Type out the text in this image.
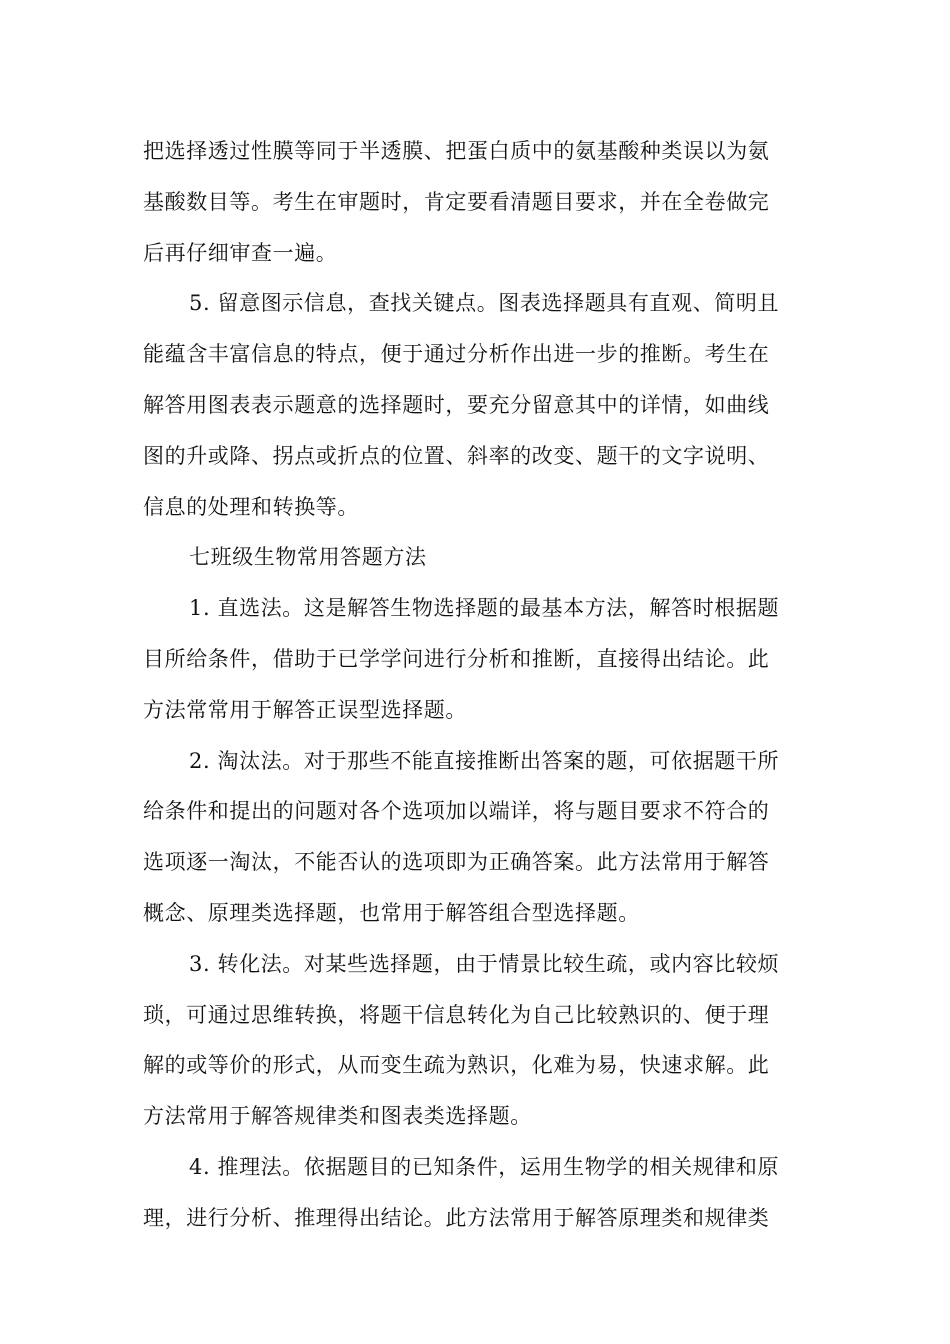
把选择透过性膜等同于半透膜、把蛋白质中的氨基酸种类误以为氨
基酸数目等。考生在审题时，肯定要看清题目要求，并在全卷做完
后再仔细审查一遍。
5. 留意图示信息，查找关键点。图表选择题具有直观、简明且
能蕴含丰富信息的特点，便于通过分析作出进一步的推断。考生在
解答用图表表示题意的选择题时，要充分留意其中的详情，如曲线
图的升或降、拐点或折点的位置、斜率的改变、题干的文字说明、
信息的处理和转换等。
七班级生物常用答题方法
1. 直选法。这是解答生物选择题的最基本方法，解答时根据题
目所给条件，借助于已学学问进行分析和推断，直接得出结论。此
方法常常用于解答正误型选择题。
2. 淘汰法。对于那些不能直接推断出答案的题，可依据题干所
给条件和提出的问题对各个选项加以端详，将与题目要求不符合的
选项逐一淘汰，不能否认的选项即为正确答案。此方法常用于解答
概念、原理类选择题，也常用于解答组合型选择题。
3. 转化法。对某些选择题，由于情景比较生疏，或内容比较烦
琐，可通过思维转换，将题干信息转化为自己比较熟识的、便于理
解的或等价的形式，从而变生疏为熟识，化难为易，快速求解。此
方法常用于解答规律类和图表类选择题。
4. 推理法。依据题目的已知条件，运用生物学的相关规律和原
理，进行分析、推理得出结论。此方法常用于解答原理类和规律类
